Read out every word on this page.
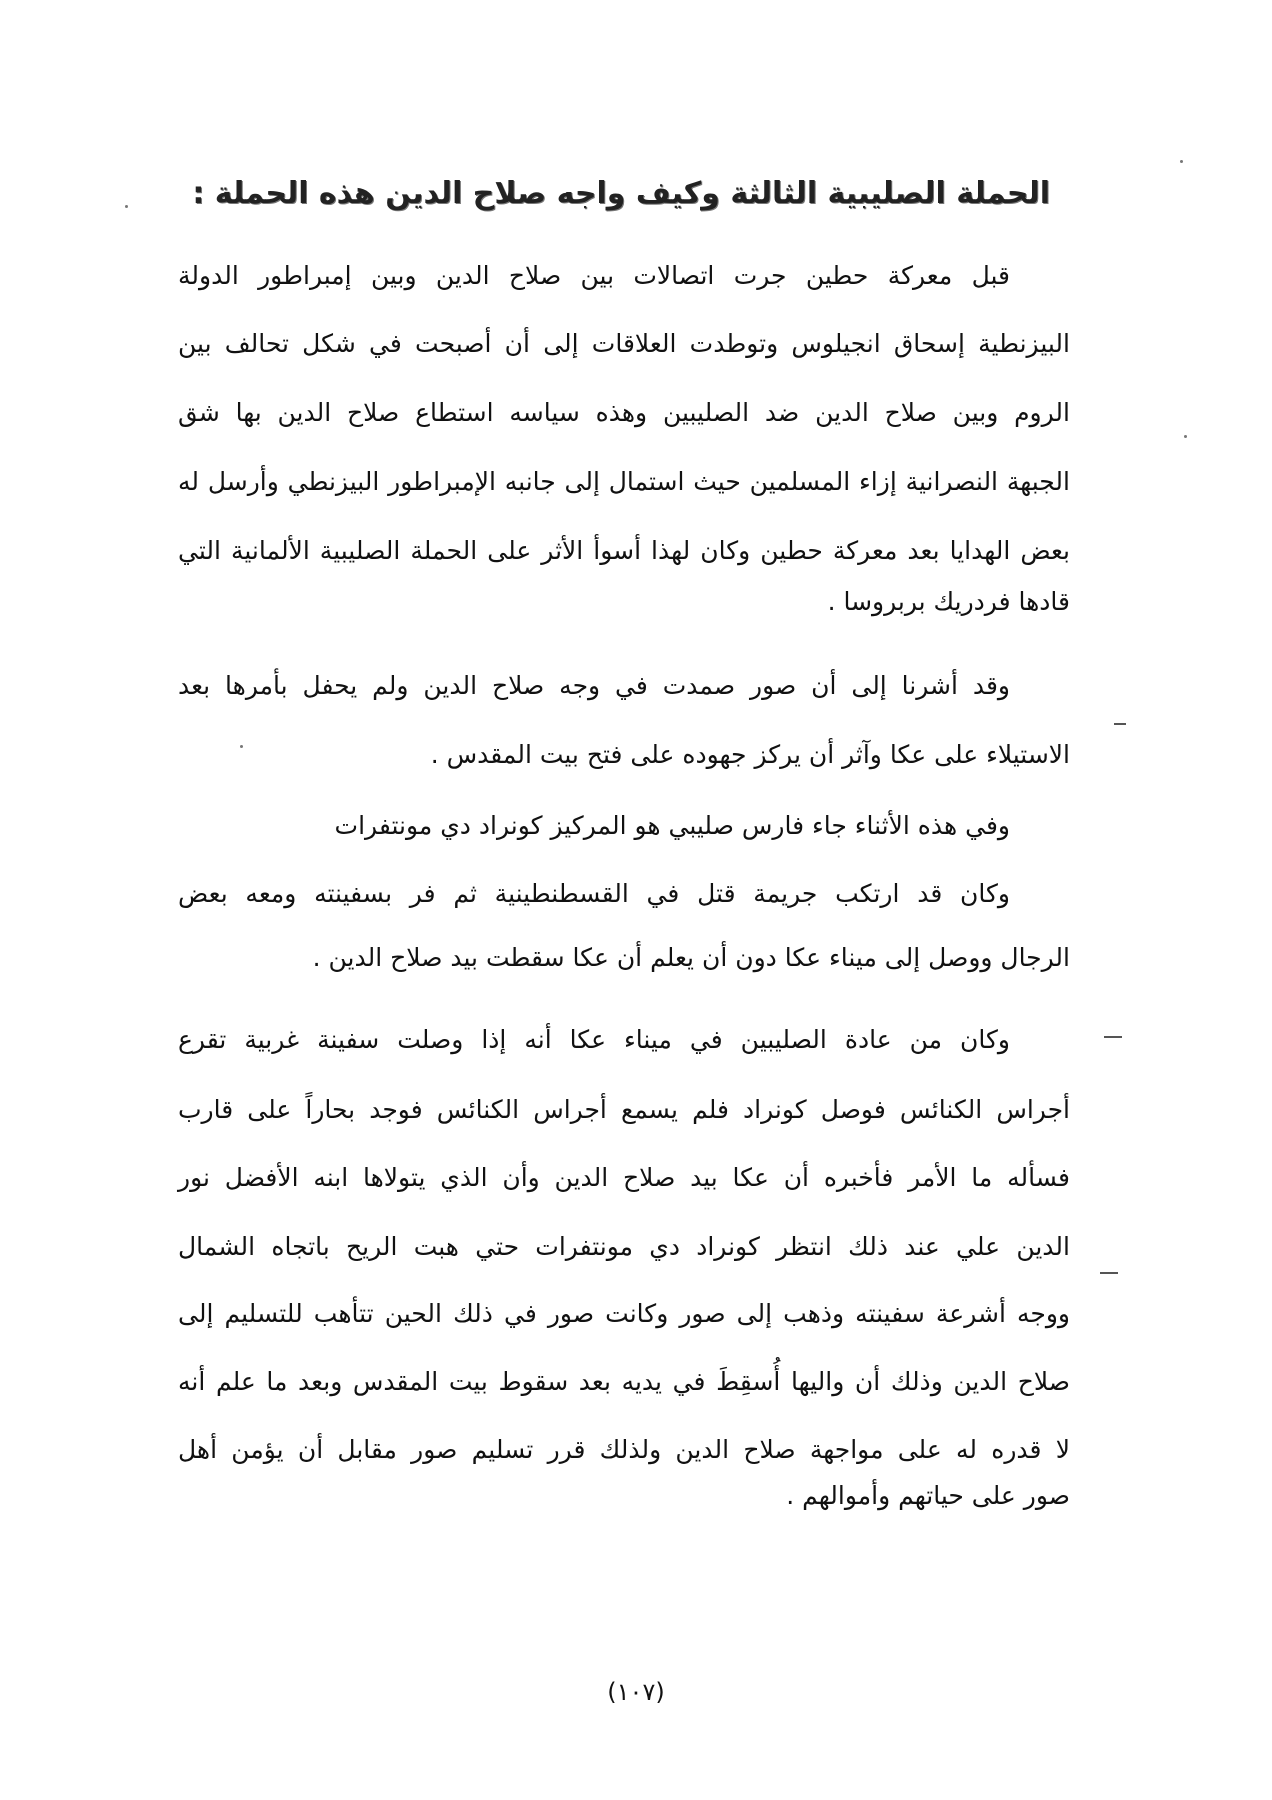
الحملة الصليبية الثالثة وكيف واجه صلاح الدين هذه الحملة :
قبل معركة حطين جرت اتصالات بين صلاح الدين وبين إمبراطور الدولة
البيزنطية إسحاق انجيلوس وتوطدت العلاقات إلى أن أصبحت في شكل تحالف بين
الروم وبين صلاح الدين ضد الصليبين وهذه سياسه استطاع صلاح الدين بها شق
الجبهة النصرانية إزاء المسلمين حيث استمال إلى جانبه الإمبراطور البيزنطي وأرسل له
بعض الهدايا بعد معركة حطين وكان لهذا أسوأ الأثر على الحملة الصليبية الألمانية التي
قادها فردريك بربروسا .
وقد أشرنا إلى أن صور صمدت في وجه صلاح الدين ولم يحفل بأمرها بعد
الاستيلاء على عكا وآثر أن يركز جهوده على فتح بيت المقدس .
وفي هذه الأثناء جاء فارس صليبي هو المركيز كونراد دي مونتفرات
وكان قد ارتكب جريمة قتل في القسطنطينية ثم فر بسفينته ومعه بعض
الرجال ووصل إلى ميناء عكا دون أن يعلم أن عكا سقطت بيد صلاح الدين .
وكان من عادة الصليبين في ميناء عكا أنه إذا وصلت سفينة غربية تقرع
أجراس الكنائس فوصل كونراد فلم يسمع أجراس الكنائس فوجد بحاراً على قارب
فسأله ما الأمر فأخبره أن عكا بيد صلاح الدين وأن الذي يتولاها ابنه الأفضل نور
الدين علي عند ذلك انتظر كونراد دي مونتفرات حتي هبت الريح باتجاه الشمال
ووجه أشرعة سفينته وذهب إلى صور وكانت صور في ذلك الحين تتأهب للتسليم إلى
صلاح الدين وذلك أن واليها أُسقِطَ في يديه بعد سقوط بيت المقدس وبعد ما علم أنه
لا قدره له على مواجهة صلاح الدين ولذلك قرر تسليم صور مقابل أن يؤمن أهل
صور على حياتهم وأموالهم .
(١٠٧)
